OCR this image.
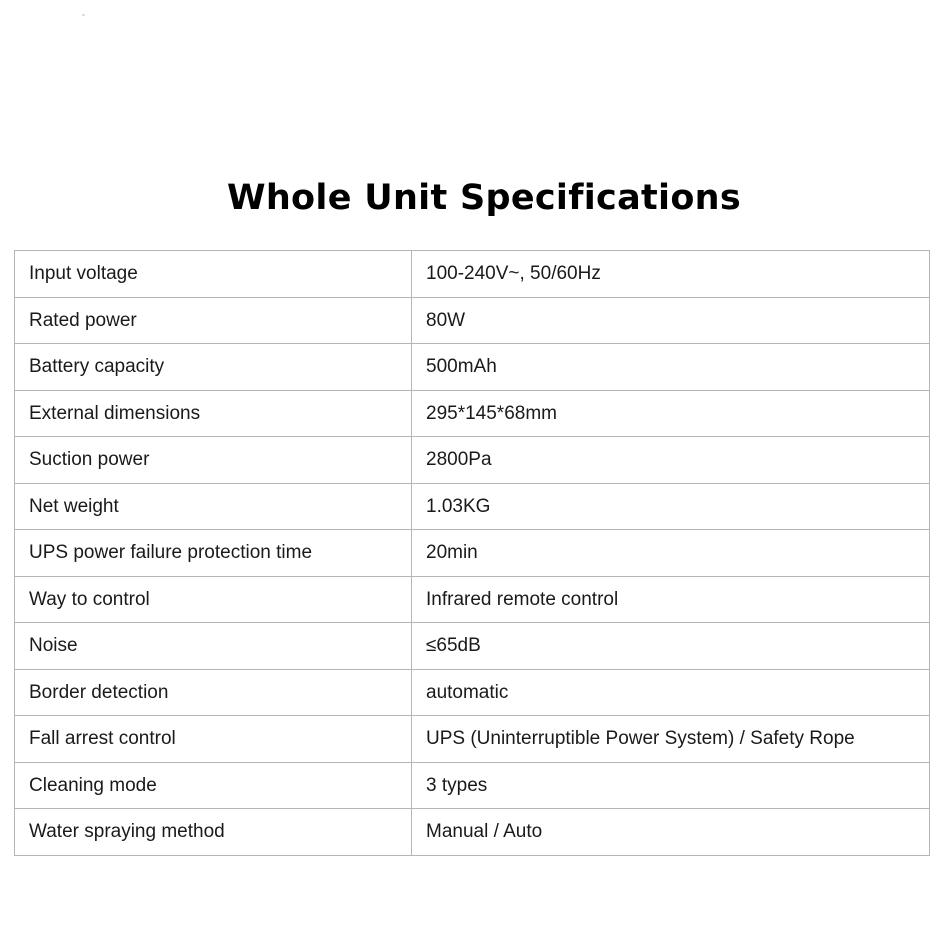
Whole Unit Specifications
Input voltage	100-240V~, 50/60Hz
Rated power	80W
Battery capacity	500mAh
External dimensions	295*145*68mm
Suction power	2800Pa
Net weight	1.03KG
UPS power failure protection time	20min
Way to control	Infrared remote control
Noise	≤65dB
Border detection	automatic
Fall arrest control	UPS (Uninterruptible Power System) / Safety Rope
Cleaning mode	3 types
Water spraying method	Manual / Auto
